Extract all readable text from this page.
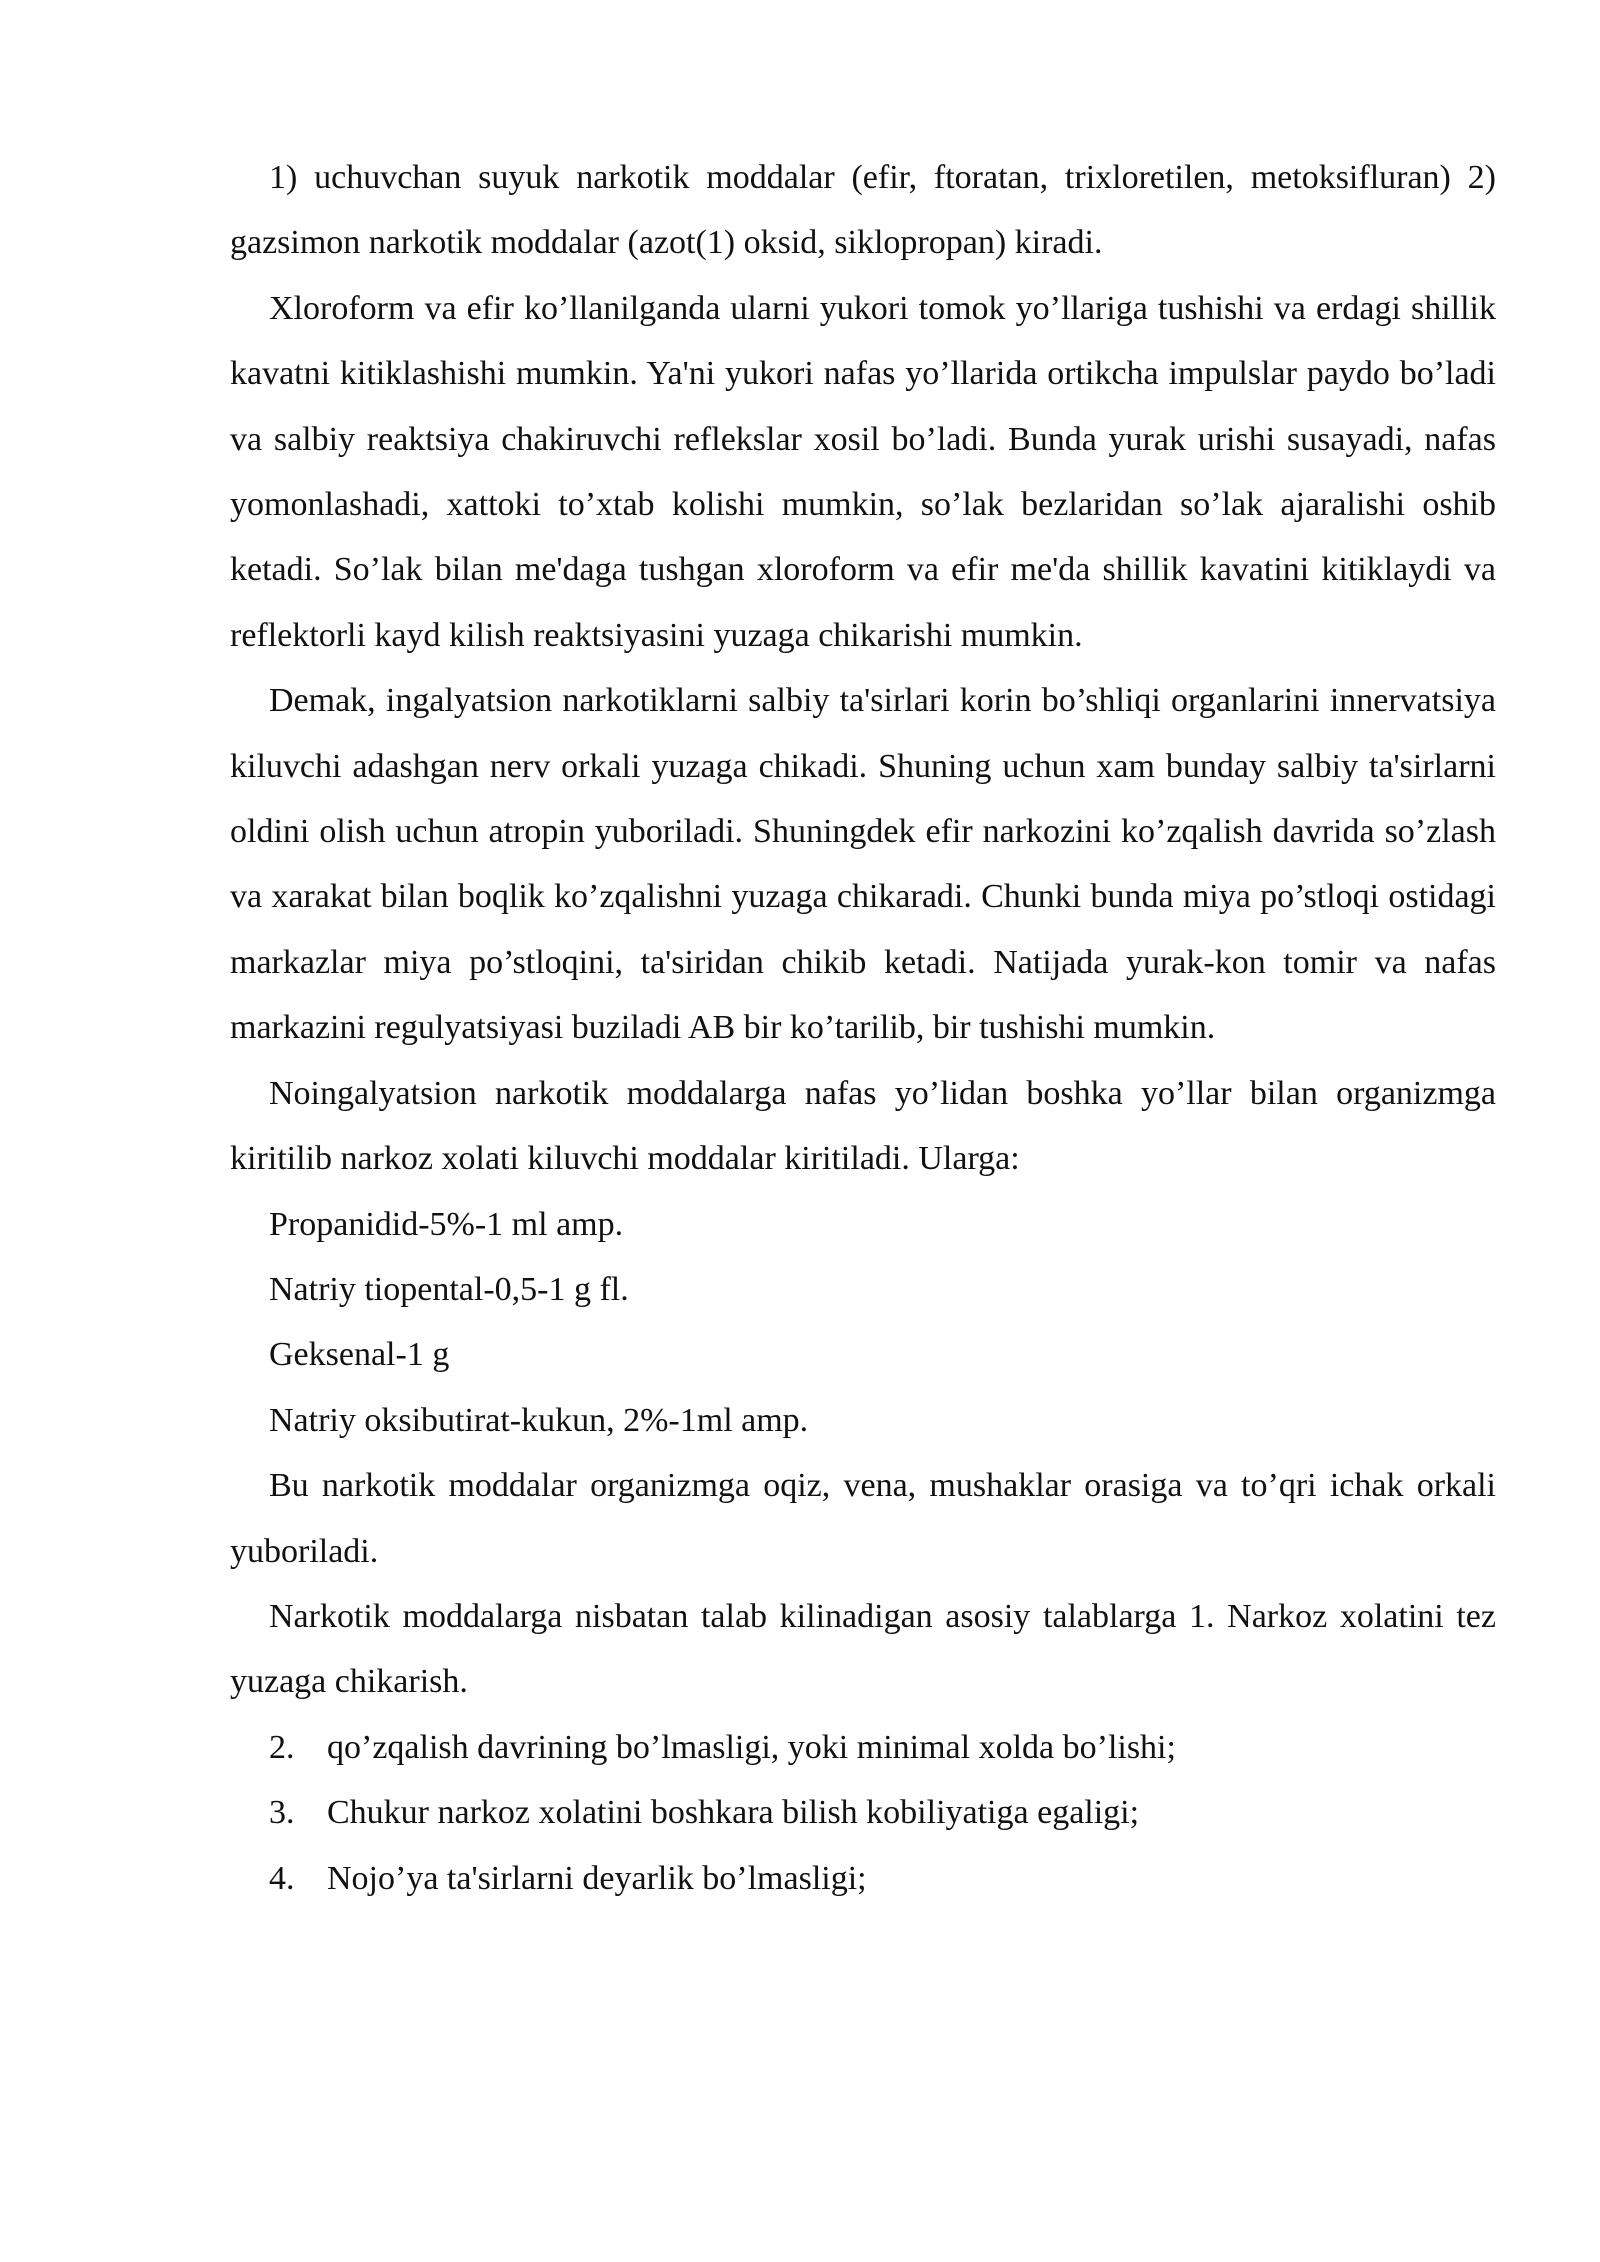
1) uchuvchan suyuk narkotik moddalar (efir, ftoratan, trixloretilen, metoksifluran) 2) gazsimon narkotik moddalar (azot(1) oksid, siklopropan) kiradi.

Xloroform va efir ko’llanilganda ularni yukori tomok yo’llariga tushishi va erdagi shillik kavatni kitiklashishi mumkin. Ya'ni yukori nafas yo’llarida ortikcha impulslar paydo bo’ladi va salbiy reaktsiya chakiruvchi reflekslar xosil bo’ladi. Bunda yurak urishi susayadi, nafas yomonlashadi, xattoki to’xtab kolishi mumkin, so’lak bezlaridan so’lak ajaralishi oshib ketadi. So’lak bilan me'daga tushgan xloroform va efir me'da shillik kavatini kitiklaydi va reflektorli kayd kilish reaktsiyasini yuzaga chikarishi mumkin.

Demak, ingalyatsion narkotiklarni salbiy ta'sirlari korin bo’shliqi organlarini innervatsiya kiluvchi adashgan nerv orkali yuzaga chikadi. Shuning uchun xam bunday salbiy ta'sirlarni oldini olish uchun atropin yuboriladi. Shuningdek efir narkozini ko’zqalish davrida so’zlash va xarakat bilan boqlik ko’zqalishni yuzaga chikaradi. Chunki bunda miya po’stloqi ostidagi markazlar miya po’stloqini, ta'siridan chikib ketadi. Natijada yurak-kon tomir va nafas markazini regulyatsiyasi buziladi AB bir ko’tarilib, bir tushishi mumkin.

Noingalyatsion narkotik moddalarga nafas yo’lidan boshka yo’llar bilan organizmga kiritilib narkoz xolati kiluvchi moddalar kiritiladi. Ularga:

Propanidid-5%-1 ml amp.

Natriy tiopental-0,5-1 g fl.

Geksenal-1 g

Natriy oksibutirat-kukun, 2%-1ml amp.

Bu narkotik moddalar organizmga oqiz, vena, mushaklar orasiga va to’qri ichak orkali yuboriladi.

Narkotik moddalarga nisbatan talab kilinadigan asosiy talablarga 1. Narkoz xolatini tez yuzaga chikarish.

2. qo’zqalish davrining bo’lmasligi, yoki minimal xolda bo’lishi;

3. Chukur narkoz xolatini boshkara bilish kobiliyatiga egaligi;

4. Nojo’ya ta'sirlarni deyarlik bo’lmasligi;
